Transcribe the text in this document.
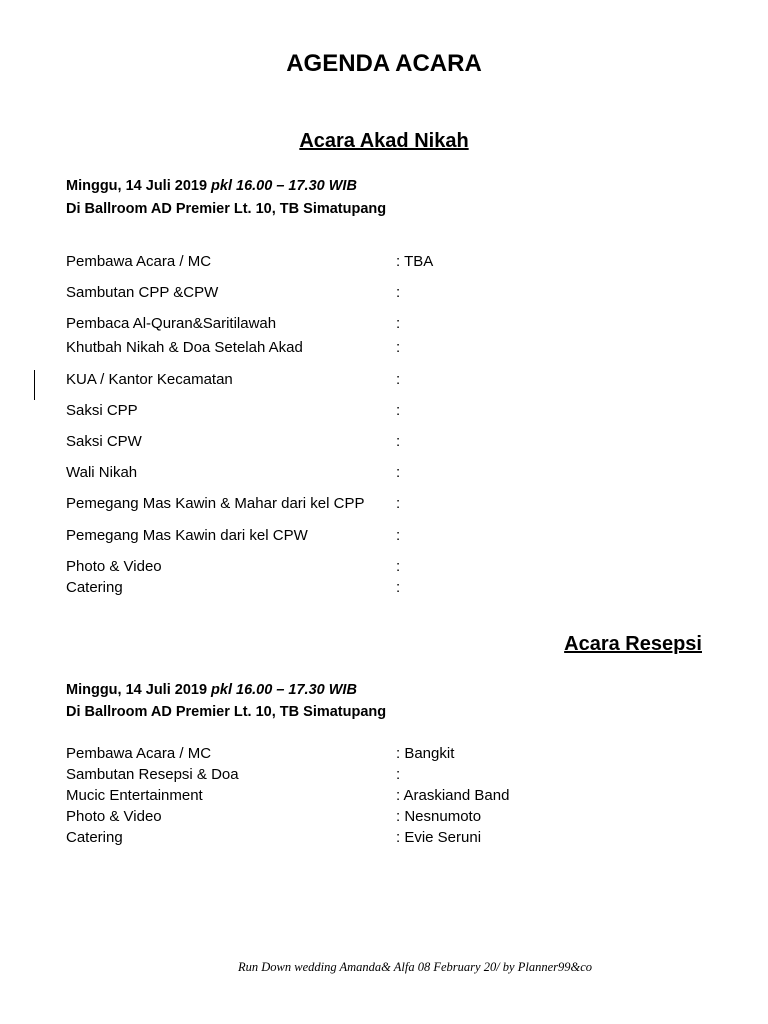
AGENDA ACARA
Acara Akad Nikah
Minggu, 14 Juli 2019 pkl 16.00 – 17.30 WIB
Di Ballroom AD Premier Lt. 10, TB Simatupang
Pembawa Acara / MC	: TBA
Sambutan CPP &CPW	:
Pembaca Al-Quran&Saritilawah	:
Khutbah Nikah & Doa Setelah Akad	:
KUA / Kantor Kecamatan	:
Saksi CPP	:
Saksi CPW	:
Wali Nikah	:
Pemegang Mas Kawin & Mahar dari kel CPP :
Pemegang Mas Kawin dari kel CPW	:
Photo & Video	:
Catering	:
Acara Resepsi
Minggu, 14 Juli 2019 pkl 16.00 – 17.30 WIB
Di Ballroom AD Premier Lt. 10, TB Simatupang
Pembawa Acara / MC	: Bangkit
Sambutan Resepsi & Doa	:
Mucic Entertainment	: Araskiand Band
Photo & Video	: Nesnumoto
Catering	: Evie Seruni
Run Down wedding Amanda& Alfa 08 February 20/ by Planner99&co
